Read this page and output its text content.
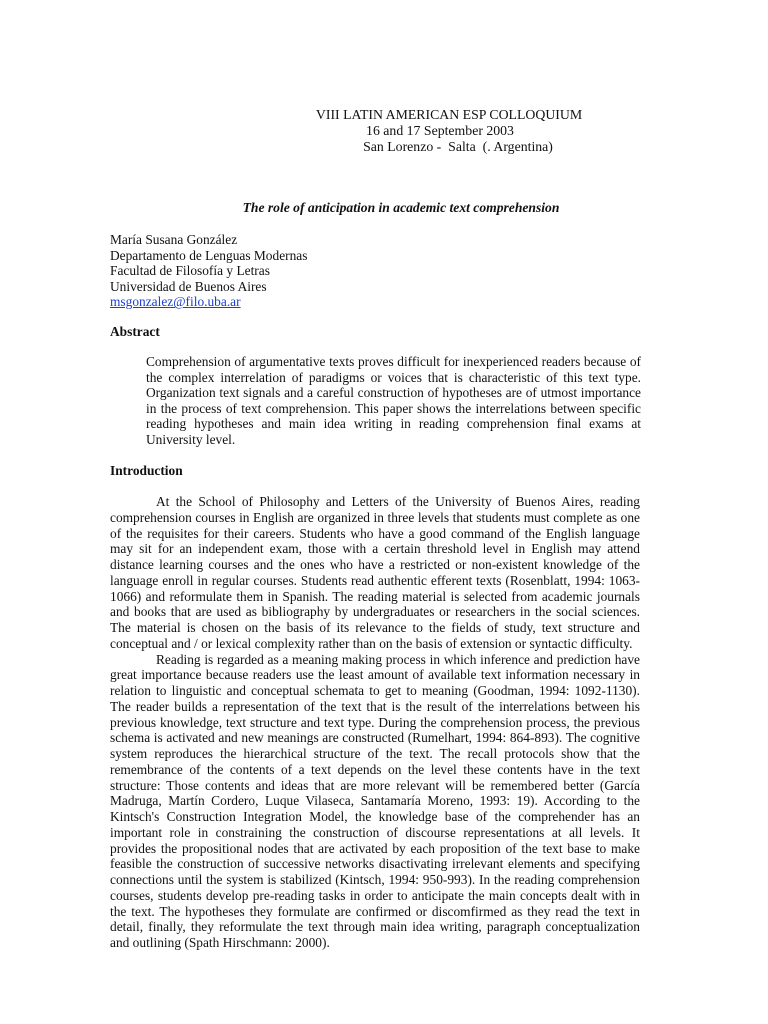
VIII LATIN AMERICAN ESP COLLOQUIUM
16 and 17 September 2003
San Lorenzo -  Salta  (. Argentina)
The role of anticipation in academic text comprehension
María Susana González
Departamento de Lenguas Modernas
Facultad de Filosofía y Letras
Universidad de Buenos Aires
msgonzalez@filo.uba.ar
Abstract
Comprehension of argumentative texts proves difficult for inexperienced readers because of the complex interrelation of paradigms or voices that is characteristic of this text type. Organization text signals and a careful construction of hypotheses are of utmost importance in the process of text comprehension. This paper shows the interrelations between specific reading hypotheses and main idea writing in reading comprehension final exams at University level.
Introduction

At the School of Philosophy and Letters of the University of Buenos Aires, reading comprehension courses in English are organized in three levels that students must complete as one of the requisites for their careers. Students who have a good command of the English language may sit for an independent exam, those with a certain threshold level in English may attend distance learning courses and the ones who have a restricted or non-existent knowledge of the language enroll in regular courses. Students read authentic efferent texts (Rosenblatt, 1994: 1063-1066) and reformulate them in Spanish. The reading material is selected from academic journals and books that are used as bibliography by undergraduates or researchers in the social sciences. The material is chosen on the basis of its relevance to the fields of study, text structure and conceptual and / or lexical complexity rather than on the basis of extension or syntactic difficulty.

Reading is regarded as a meaning making process in which inference and prediction have great importance because readers use the least amount of available text information necessary in relation to linguistic and conceptual schemata to get to meaning (Goodman, 1994: 1092-1130). The reader builds a representation of the text that is the result of the interrelations between his previous knowledge, text structure and text type. During the comprehension process, the previous schema is activated and new meanings are constructed (Rumelhart, 1994: 864-893). The cognitive system reproduces the hierarchical structure of the text. The recall protocols show that the remembrance of the contents of a text depends on the level these contents have in the text structure: Those contents and ideas that are more relevant will be remembered better (García Madruga, Martín Cordero, Luque Vilaseca, Santamaría Moreno, 1993: 19). According to the Kintsch's Construction Integration Model, the knowledge base of the comprehender has an important role in constraining the construction of discourse representations at all levels. It provides the propositional nodes that are activated by each proposition of the text base to make feasible the construction of successive networks disactivating irrelevant elements and specifying connections until the system is stabilized (Kintsch, 1994: 950-993). In the reading comprehension courses, students develop pre-reading tasks in order to anticipate the main concepts dealt with in the text. The hypotheses they formulate are confirmed or discomfirmed as they read the text in detail, finally, they reformulate the text through main idea writing, paragraph conceptualization and outlining (Spath Hirschmann: 2000).
